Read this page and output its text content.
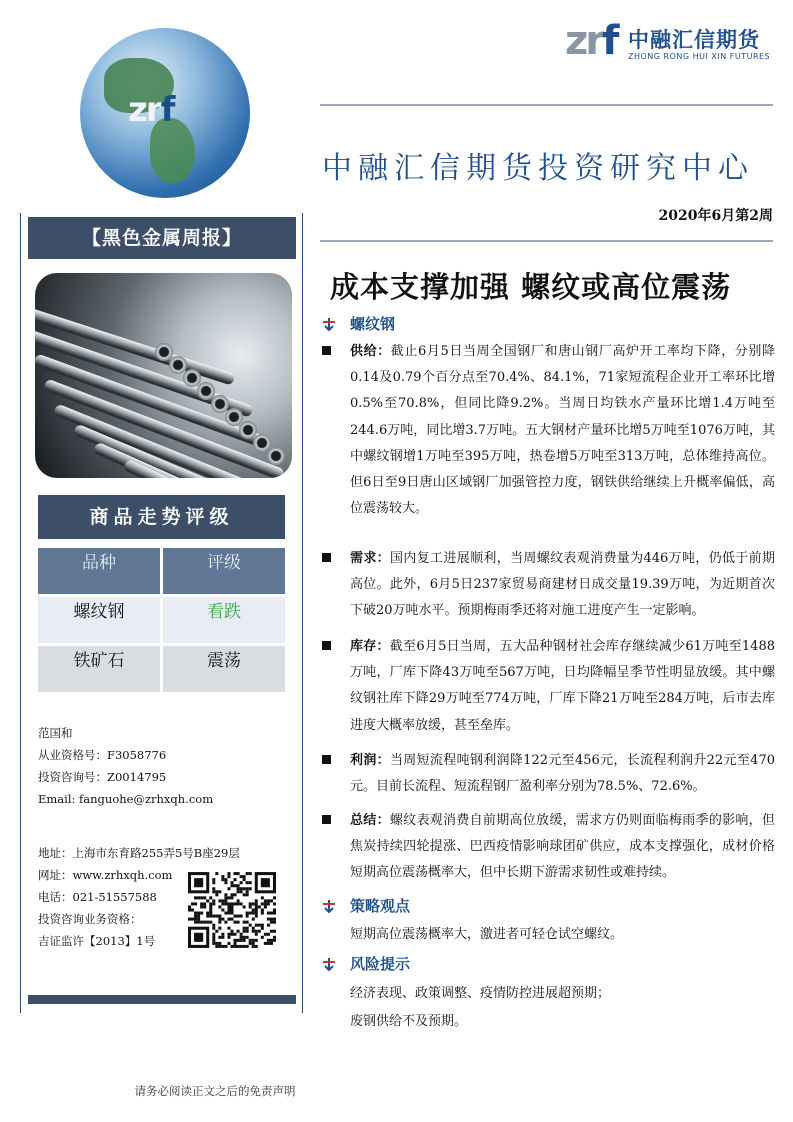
zrf
zrf 中融汇信期货
ZHONG RONG HUI XIN FUTURES
中融汇信期货投资研究中心
2020年6月第2周
【黑色金属周报】
商品走势评级
品种	评级
螺纹钢	看跌
铁矿石	震荡
范国和
从业资格号：F3058776
投资咨询号：Z0014795
Email: fanguohe@zrhxqh.com
地址：上海市东育路255弄5号B座29层
网址：www.zrhxqh.com
电话：021-51557588
投资咨询业务资格：
吉证监许【2013】1号
成本支撑加强 螺纹或高位震荡
螺纹钢
供给：截止6月5日当周全国钢厂和唐山钢厂高炉开工率均下降，分别降0.14及0.79个百分点至70.4%、84.1%，71家短流程企业开工率环比增0.5%至70.8%，但同比降9.2%。当周日均铁水产量环比增1.4万吨至244.6万吨，同比增3.7万吨。五大钢材产量环比增5万吨至1076万吨，其中螺纹钢增1万吨至395万吨，热卷增5万吨至313万吨，总体维持高位。但6日至9日唐山区域钢厂加强管控力度，钢铁供给继续上升概率偏低，高位震荡较大。
需求：国内复工进展顺利，当周螺纹表观消费量为446万吨，仍低于前期高位。此外，6月5日237家贸易商建材日成交量19.39万吨，为近期首次下破20万吨水平。预期梅雨季还将对施工进度产生一定影响。
库存：截至6月5日当周，五大品种钢材社会库存继续减少61万吨至1488万吨，厂库下降43万吨至567万吨，日均降幅呈季节性明显放缓。其中螺纹钢社库下降29万吨至774万吨，厂库下降21万吨至284万吨，后市去库进度大概率放缓，甚至垒库。
利润：当周短流程吨钢利润降122元至456元，长流程利润升22元至470元。目前长流程、短流程钢厂盈利率分别为78.5%、72.6%。
总结：螺纹表观消费自前期高位放缓，需求方仍则面临梅雨季的影响，但焦炭持续四轮提涨、巴西疫情影响球团矿供应，成本支撑强化，成材价格短期高位震荡概率大，但中长期下游需求韧性或难持续。
策略观点
短期高位震荡概率大，激进者可轻仓试空螺纹。
风险提示
经济表现、政策调整、疫情防控进展超预期；
废钢供给不及预期。
请务必阅读正文之后的免责声明
